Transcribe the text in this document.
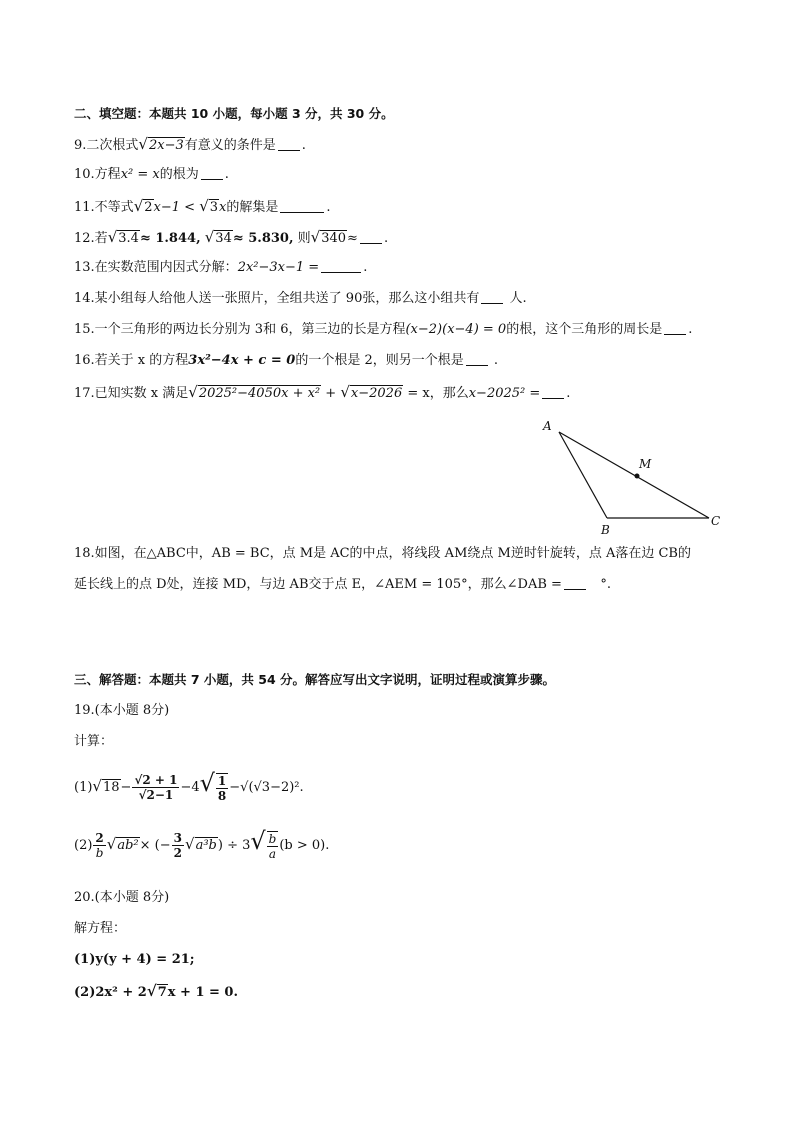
二、填空题：本题共 10 小题，每小题 3 分，共 30 分。
9.二次根式√2x−3有意义的条件是 .
10.方程x² = x的根为 .
11.不等式√2x−1 < √3x的解集是	.
12.若√3.4≈ 1.844, √34≈ 5.830, 则√340≈ .
13.在实数范围内因式分解：2x²−3x−1 =	.
14.某小组每人给他人送一张照片，全组共送了 90张，那么这小组共有 人.
15.一个三角形的两边长分别为 3和 6，第三边的长是方程(x−2)(x−4) = 0的根，这个三角形的周长是 .
16.若关于 x 的方程3x²−4x + c = 0的一个根是 2，则另一个根是 .
17.已知实数 x 满足√2025²−4050x + x² + √x−2026 = x，那么x−2025² = .
A
M
B
C
18.如图，在△ABC中，AB = BC，点 M是 AC的中点，将线段 AM绕点 M逆时针旋转，点 A落在边 CB的
延长线上的点 D处，连接 MD，与边 AB交于点 E，∠AEM = 105°，那么∠DAB =	°.
三、解答题：本题共 7 小题，共 54 分。解答应写出文字说明，证明过程或演算步骤。
19.(本小题 8分)
计算：
$(1)√18- \frac{√2 + 1}{√2-1} -4√ \frac{1}{8} -√(√3-2)^2$.
$(2) \frac{2}{b} √ab^2\times$ (− $\frac{3}{2} √a^3b) \div 3√ \frac{b}{a} (b > 0)$.
20.(本小题 8分)
解方程：
(1)y(y + 4) = 21;
(2)2x² + 2√7x + 1 = 0.
